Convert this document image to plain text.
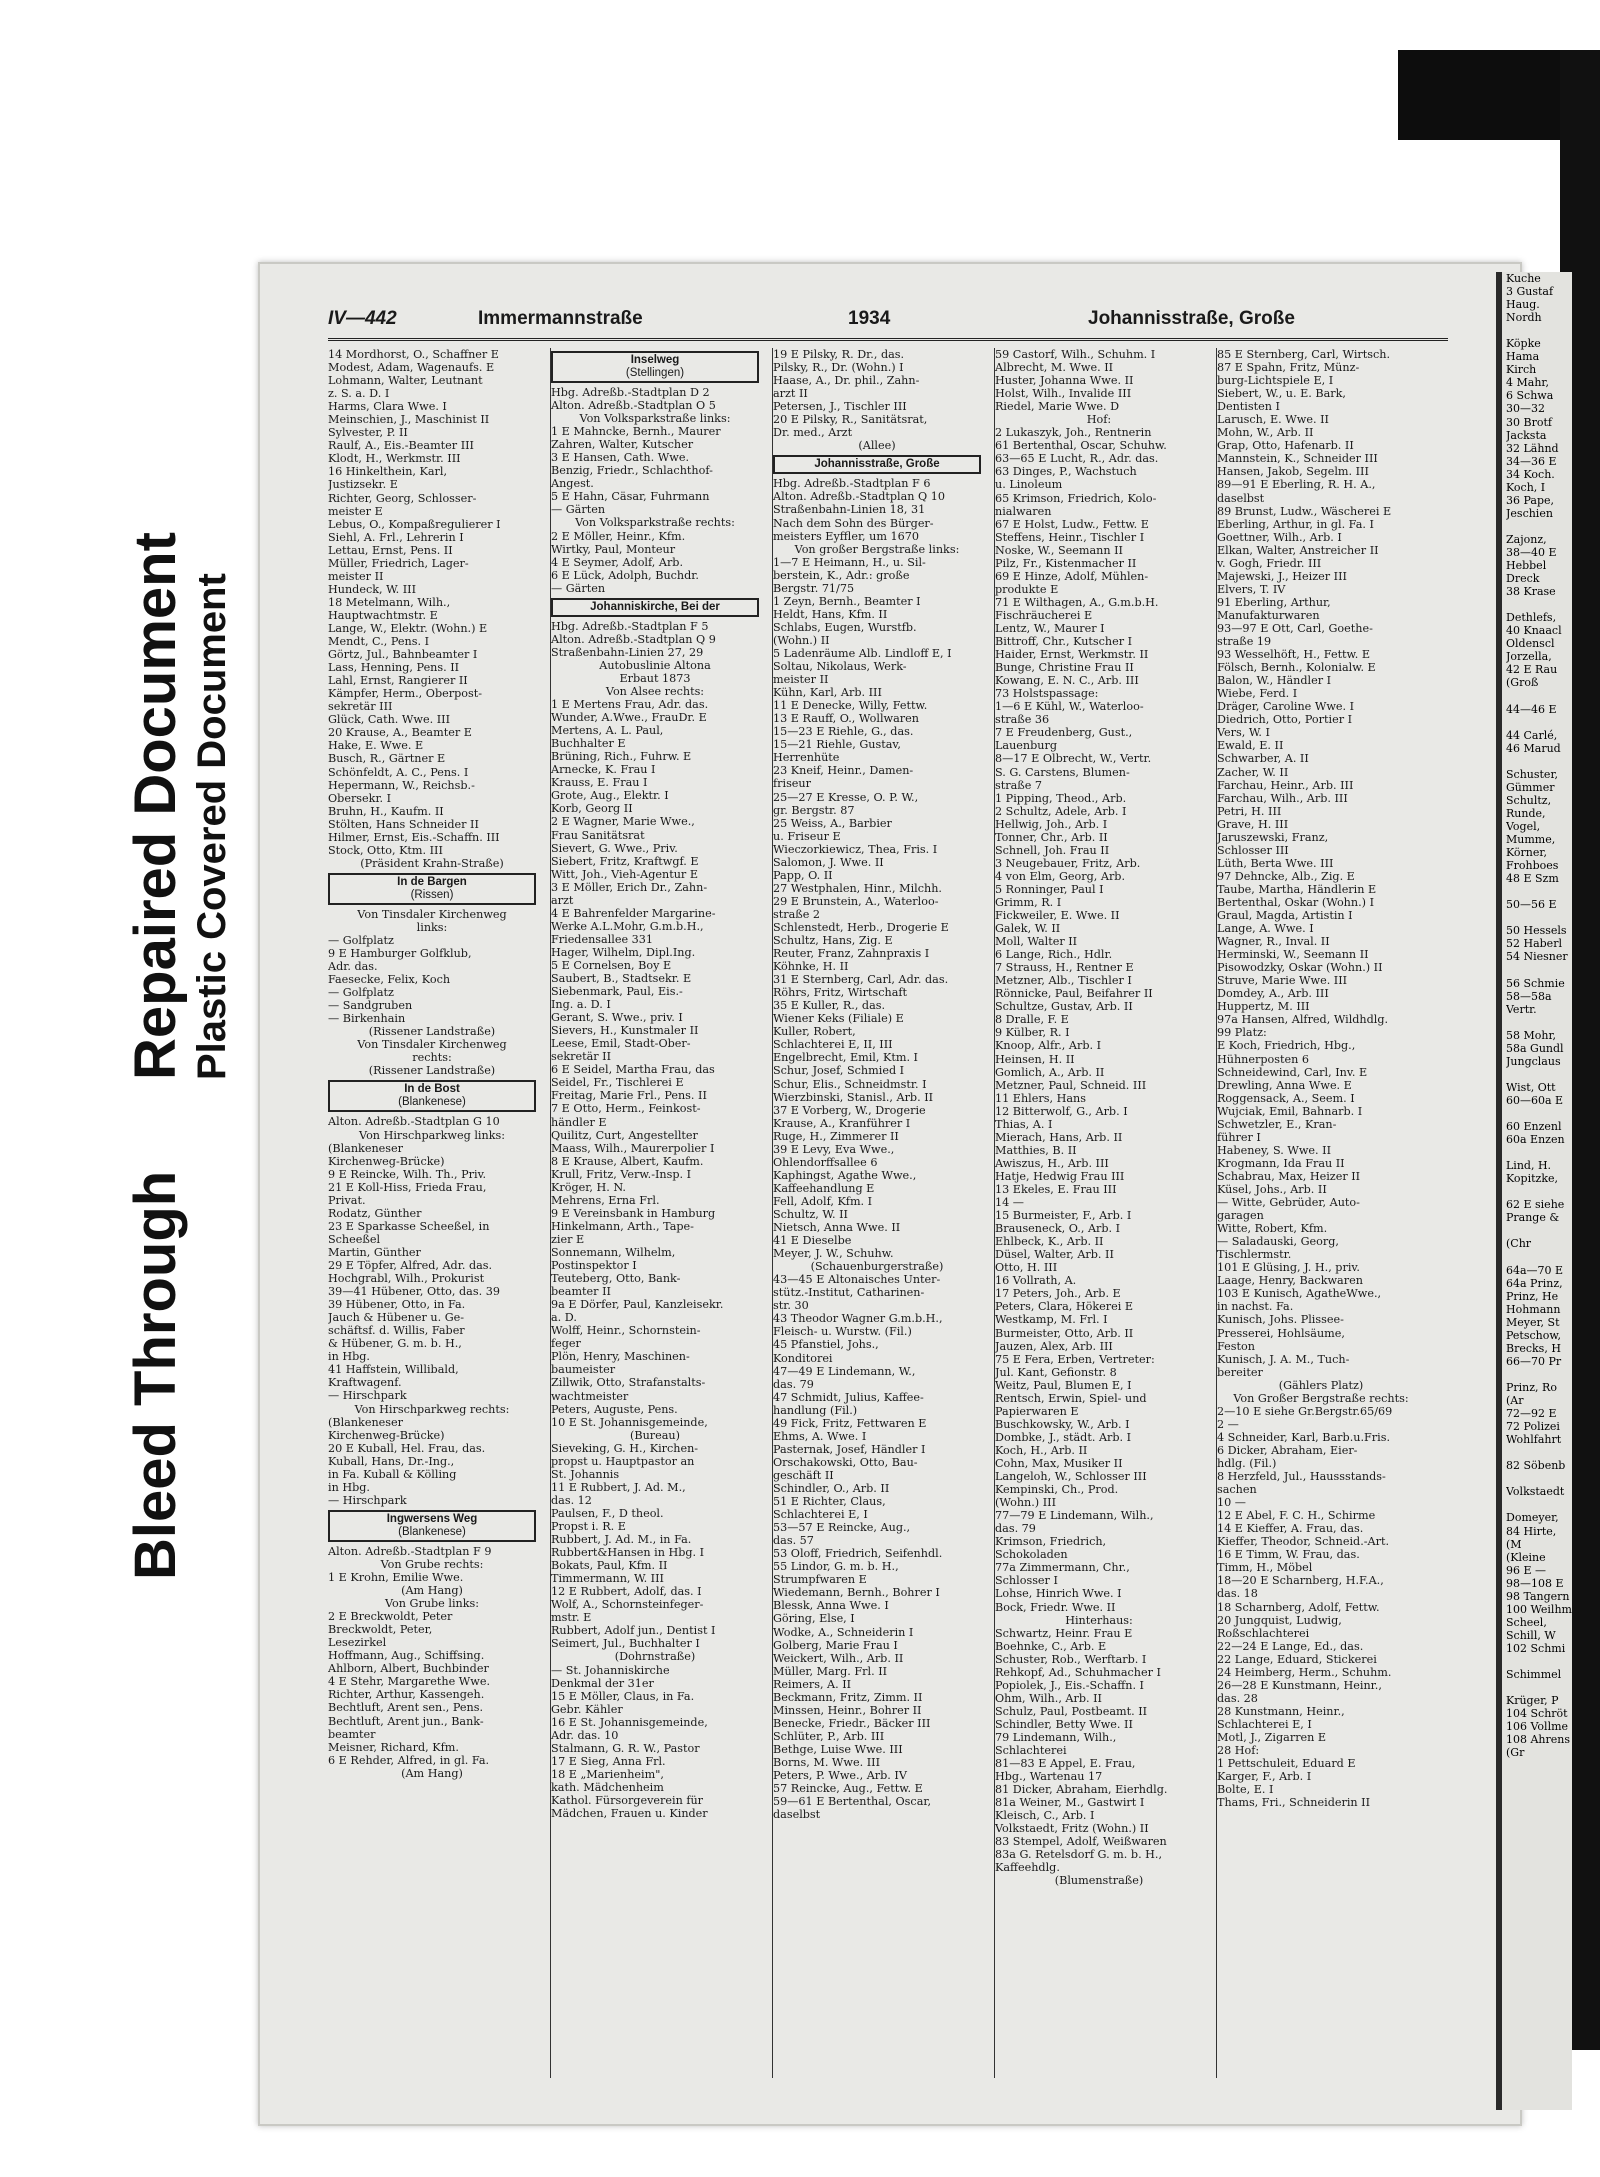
Bleed Through
Repaired Document Plastic Covered Document
IV—442	Immermannstraße	1934	Johannisstraße, Große
14 Mordhorst, O., Schaffner E
Modest, Adam, Wagenaufs. E
Lohmann, Walter, Leutnant
z. S. a. D. I
Harms, Clara Wwe. I
Meinschien, J., Maschinist II
Sylvester, P. II
Raulf, A., Eis.-Beamter III
Klodt, H., Werkmstr. III
16 Hinkelthein, Karl,
Justizsekr. E
Richter, Georg, Schlosser-
meister E
Lebus, O., Kompaßregulierer I
Siehl, A. Frl., Lehrerin I
Lettau, Ernst, Pens. II
Müller, Friedrich, Lager-
meister II
Hundeck, W. III
18 Metelmann, Wilh.,
Hauptwachtmstr. E
Lange, W., Elektr. (Wohn.) E
Mendt, C., Pens. I
Görtz, Jul., Bahnbeamter I
Lass, Henning, Pens. II
Lahl, Ernst, Rangierer II
Kämpfer, Herm., Oberpost-
sekretär III
Glück, Cath. Wwe. III
20 Krause, A., Beamter E
Hake, E. Wwe. E
Busch, R., Gärtner E
Schönfeldt, A. C., Pens. I
Hepermann, W., Reichsb.-
Obersekr. I
Bruhn, H., Kaufm. II
Stölten, Hans Schneider II
Hilmer, Ernst, Eis.-Schaffn. III
Stock, Otto, Ktm. III
(Präsident Krahn-Straße)
In de Bargen
(Rissen)
Von Tinsdaler Kirchenweg
links:
— Golfplatz
9 E Hamburger Golfklub,
Adr. das.
Faesecke, Felix, Koch
— Golfplatz
— Sandgruben
— Birkenhain
(Rissener Landstraße)
Von Tinsdaler Kirchenweg
rechts:
(Rissener Landstraße)
In de Bost
(Blankenese)
Alton. Adreßb.-Stadtplan G 10
Von Hirschparkweg links:
(Blankeneser
Kirchenweg-Brücke)
9 E Reincke, Wilh. Th., Priv.
21 E Koll-Hiss, Frieda Frau,
Privat.
Rodatz, Günther
23 E Sparkasse Scheeßel, in
Scheeßel
Martin, Günther
29 E Töpfer, Alfred, Adr. das.
Hochgrabl, Wilh., Prokurist
39—41 Hübener, Otto, das. 39
39 Hübener, Otto, in Fa.
Jauch & Hübener u. Ge-
schäftsf. d. Willis, Faber
& Hübener, G. m. b. H.,
in Hbg.
41 Haffstein, Willibald,
Kraftwagenf.
— Hirschpark
Von Hirschparkweg rechts:
(Blankeneser
Kirchenweg-Brücke)
20 E Kuball, Hel. Frau, das.
Kuball, Hans, Dr.-Ing.,
in Fa. Kuball & Kölling
in Hbg.
— Hirschpark
Ingwersens Weg
(Blankenese)
Alton. Adreßb.-Stadtplan F 9
Von Grube rechts:
1 E Krohn, Emilie Wwe.
(Am Hang)
Von Grube links:
2 E Breckwoldt, Peter
Breckwoldt, Peter,
Lesezirkel
Hoffmann, Aug., Schiffsing.
Ahlborn, Albert, Buchbinder
4 E Stehr, Margarethe Wwe.
Richter, Arthur, Kassengeh.
Bechtluft, Arent sen., Pens.
Bechtluft, Arent jun., Bank-
beamter
Meisner, Richard, Kfm.
6 E Rehder, Alfred, in gl. Fa.
(Am Hang)
Inselweg
(Stellingen)
Hbg. Adreßb.-Stadtplan D 2
Alton. Adreßb.-Stadtplan O 5
Von Volksparkstraße links:
1 E Mahncke, Bernh., Maurer
Zahren, Walter, Kutscher
3 E Hansen, Cath. Wwe.
Benzig, Friedr., Schlachthof-
Angest.
5 E Hahn, Cäsar, Fuhrmann
— Gärten
Von Volksparkstraße rechts:
2 E Möller, Heinr., Kfm.
Wirtky, Paul, Monteur
4 E Seymer, Adolf, Arb.
6 E Lück, Adolph, Buchdr.
— Gärten
Johanniskirche, Bei der
Hbg. Adreßb.-Stadtplan F 5
Alton. Adreßb.-Stadtplan Q 9
Straßenbahn-Linien 27, 29
Autobuslinie Altona
Erbaut 1873
Von Alsee rechts:
1 E Mertens Frau, Adr. das.
Wunder, A.Wwe., FrauDr. E
Mertens, A. L. Paul,
Buchhalter E
Brüning, Rich., Fuhrw. E
Arnecke, K. Frau I
Krauss, E. Frau I
Grote, Aug., Elektr. I
Korb, Georg II
2 E Wagner, Marie Wwe.,
Frau Sanitätsrat
Sievert, G. Wwe., Priv.
Siebert, Fritz, Kraftwgf. E
Witt, Joh., Vieh-Agentur E
3 E Möller, Erich Dr., Zahn-
arzt
4 E Bahrenfelder Margarine-
Werke A.L.Mohr, G.m.b.H.,
Friedensallee 331
Hager, Wilhelm, Dipl.Ing.
5 E Cornelsen, Boy E
Saubert, B., Stadtsekr. E
Siebenmark, Paul, Eis.-
Ing. a. D. I
Gerant, S. Wwe., priv. I
Sievers, H., Kunstmaler II
Leese, Emil, Stadt-Ober-
sekretär II
6 E Seidel, Martha Frau, das
Seidel, Fr., Tischlerei E
Freitag, Marie Frl., Pens. II
7 E Otto, Herm., Feinkost-
händler E
Quilitz, Curt, Angestellter
Maass, Wilh., Maurerpolier I
8 E Krause, Albert, Kaufm.
Krull, Fritz, Verw.-Insp. I
Kröger, H. N.
Mehrens, Erna Frl.
9 E Vereinsbank in Hamburg
Hinkelmann, Arth., Tape-
zier E
Sonnemann, Wilhelm,
Postinspektor I
Teuteberg, Otto, Bank-
beamter II
9a E Dörfer, Paul, Kanzleisekr.
a. D.
Wolff, Heinr., Schornstein-
feger
Plön, Henry, Maschinen-
baumeister
Zillwik, Otto, Strafanstalts-
wachtmeister
Peters, Auguste, Pens.
10 E St. Johannisgemeinde,
(Bureau)
Sieveking, G. H., Kirchen-
propst u. Hauptpastor an
St. Johannis
11 E Rubbert, J. Ad. M.,
das. 12
Paulsen, F., D theol.
Propst i. R. E
Rubbert, J. Ad. M., in Fa.
Rubbert&Hansen in Hbg. I
Bokats, Paul, Kfm. II
Timmermann, W. III
12 E Rubbert, Adolf, das. I
Wolf, A., Schornsteinfeger-
mstr. E
Rubbert, Adolf jun., Dentist I
Seimert, Jul., Buchhalter I
(Dohrnstraße)
— St. Johanniskirche
Denkmal der 31er
15 E Möller, Claus, in Fa.
Gebr. Kähler
16 E St. Johannisgemeinde,
Adr. das. 10
Stalmann, G. R. W., Pastor
17 E Sieg, Anna Frl.
18 E „Marienheim",
kath. Mädchenheim
Kathol. Fürsorgeverein für
Mädchen, Frauen u. Kinder
19 E Pilsky, R. Dr., das.
Pilsky, R., Dr. (Wohn.) I
Haase, A., Dr. phil., Zahn-
arzt II
Petersen, J., Tischler III
20 E Pilsky, R., Sanitätsrat,
Dr. med., Arzt
(Allee)
Johannisstraße, Große
Hbg. Adreßb.-Stadtplan F 6
Alton. Adreßb.-Stadtplan Q 10
Straßenbahn-Linien 18, 31
Nach dem Sohn des Bürger-
meisters Eyffler, um 1670
Von großer Bergstraße links:
1—7 E Heimann, H., u. Sil-
berstein, K., Adr.: große
Bergstr. 71/75
1 Zeyn, Bernh., Beamter I
Heldt, Hans, Kfm. II
Schlabs, Eugen, Wurstfb.
(Wohn.) II
5 Ladenräume Alb. Lindloff E, I
Soltau, Nikolaus, Werk-
meister II
Kühn, Karl, Arb. III
11 E Denecke, Willy, Fettw.
13 E Rauff, O., Wollwaren
15—23 E Riehle, G., das.
15—21 Riehle, Gustav,
Herrenhüte
23 Kneif, Heinr., Damen-
friseur
25—27 E Kresse, O. P. W.,
gr. Bergstr. 87
25 Weiss, A., Barbier
u. Friseur E
Wieczorkiewicz, Thea, Fris. I
Salomon, J. Wwe. II
Papp, O. II
27 Westphalen, Hinr., Milchh.
29 E Brunstein, A., Waterloo-
straße 2
Schlenstedt, Herb., Drogerie E
Schultz, Hans, Zig. E
Reuter, Franz, Zahnpraxis I
Köhnke, H. II
31 E Sternberg, Carl, Adr. das.
Röhrs, Fritz, Wirtschaft
35 E Kuller, R., das.
Wiener Keks (Filiale) E
Kuller, Robert,
Schlachterei E, II, III
Engelbrecht, Emil, Ktm. I
Schur, Josef, Schmied I
Schur, Elis., Schneidmstr. I
Wierzbinski, Stanisl., Arb. II
37 E Vorberg, W., Drogerie
Krause, A., Kranführer I
Ruge, H., Zimmerer II
39 E Levy, Eva Wwe.,
Ohlendorffsallee 6
Kaphingst, Agathe Wwe.,
Kaffeehandlung E
Fell, Adolf, Kfm. I
Schultz, W. II
Nietsch, Anna Wwe. II
41 E Dieselbe
Meyer, J. W., Schuhw.
(Schauenburgerstraße)
43—45 E Altonaisches Unter-
stütz.-Institut, Catharinen-
str. 30
43 Theodor Wagner G.m.b.H.,
Fleisch- u. Wurstw. (Fil.)
45 Pfanstiel, Johs.,
Konditorei
47—49 E Lindemann, W.,
das. 79
47 Schmidt, Julius, Kaffee-
handlung (Fil.)
49 Fick, Fritz, Fettwaren E
Ehms, A. Wwe. I
Pasternak, Josef, Händler I
Orschakowski, Otto, Bau-
geschäft II
Schindler, O., Arb. II
51 E Richter, Claus,
Schlachterei E, I
53—57 E Reincke, Aug.,
das. 57
53 Oloff, Friedrich, Seifenhdl.
55 Lindor, G. m. b. H.,
Strumpfwaren E
Wiedemann, Bernh., Bohrer I
Blessk, Anna Wwe. I
Göring, Else, I
Wodke, A., Schneiderin I
Golberg, Marie Frau I
Weickert, Wilh., Arb. II
Müller, Marg. Frl. II
Reimers, A. II
Beckmann, Fritz, Zimm. II
Minssen, Heinr., Bohrer II
Benecke, Friedr., Bäcker III
Schlüter, P., Arb. III
Bethge, Luise Wwe. III
Borns, M. Wwe. III
Peters, P. Wwe., Arb. IV
57 Reincke, Aug., Fettw. E
59—61 E Bertenthal, Oscar,
daselbst
59 Castorf, Wilh., Schuhm. I
Albrecht, M. Wwe. II
Huster, Johanna Wwe. II
Holst, Wilh., Invalide III
Riedel, Marie Wwe. D
Hof:
2 Lukaszyk, Joh., Rentnerin
61 Bertenthal, Oscar, Schuhw.
63—65 E Lucht, R., Adr. das.
63 Dinges, P., Wachstuch
u. Linoleum
65 Krimson, Friedrich, Kolo-
nialwaren
67 E Holst, Ludw., Fettw. E
Steffens, Heinr., Tischler I
Noske, W., Seemann II
Pilz, Fr., Kistenmacher II
69 E Hinze, Adolf, Mühlen-
produkte E
71 E Wilthagen, A., G.m.b.H.
Fischräucherei E
Lentz, W., Maurer I
Bittroff, Chr., Kutscher I
Haider, Ernst, Werkmstr. II
Bunge, Christine Frau II
Kowang, E. N. C., Arb. III
73 Holstspassage:
1—6 E Kühl, W., Waterloo-
straße 36
7 E Freudenberg, Gust.,
Lauenburg
8—17 E Olbrecht, W., Vertr.
S. G. Carstens, Blumen-
straße 7
1 Pipping, Theod., Arb.
2 Schultz, Adele, Arb. I
Hellwig, Joh., Arb. I
Tonner, Chr., Arb. II
Schnell, Joh. Frau II
3 Neugebauer, Fritz, Arb.
4 von Elm, Georg, Arb.
5 Ronninger, Paul I
Grimm, R. I
Fickweiler, E. Wwe. II
Galek, W. II
Moll, Walter II
6 Lange, Rich., Hdlr.
7 Strauss, H., Rentner E
Metzner, Alb., Tischler I
Rönnicke, Paul, Beifahrer II
Schultze, Gustav, Arb. II
8 Dralle, F. E
9 Külber, R. I
Knoop, Alfr., Arb. I
Heinsen, H. II
Gomlich, A., Arb. II
Metzner, Paul, Schneid. III
11 Ehlers, Hans
12 Bitterwolf, G., Arb. I
Thias, A. I
Mierach, Hans, Arb. II
Matthies, B. II
Awiszus, H., Arb. III
Hatje, Hedwig Frau III
13 Ekeles, E. Frau III
14 —
15 Burmeister, F., Arb. I
Brauseneck, O., Arb. I
Ehlbeck, K., Arb. II
Düsel, Walter, Arb. II
Otto, H. III
16 Vollrath, A.
17 Peters, Joh., Arb. E
Peters, Clara, Hökerei E
Westkamp, M. Frl. I
Burmeister, Otto, Arb. II
Jauzen, Alex, Arb. III
75 E Fera, Erben, Vertreter:
Jul. Kant, Gefionstr. 8
Weitz, Paul, Blumen E, I
Rentsch, Erwin, Spiel- und
Papierwaren E
Buschkowsky, W., Arb. I
Dombke, J., städt. Arb. I
Koch, H., Arb. II
Cohn, Max, Musiker II
Langeloh, W., Schlosser III
Kempinski, Ch., Prod.
(Wohn.) III
77—79 E Lindemann, Wilh.,
das. 79
Krimson, Friedrich,
Schokoladen
77a Zimmermann, Chr.,
Schlosser I
Lohse, Hinrich Wwe. I
Bock, Friedr. Wwe. II
Hinterhaus:
Schwartz, Heinr. Frau E
Boehnke, C., Arb. E
Schuster, Rob., Werftarb. I
Rehkopf, Ad., Schuhmacher I
Popiolek, J., Eis.-Schaffn. I
Ohm, Wilh., Arb. II
Schulz, Paul, Postbeamt. II
Schindler, Betty Wwe. II
79 Lindemann, Wilh.,
Schlachterei
81—83 E Appel, E. Frau,
Hbg., Wartenau 17
81 Dicker, Abraham, Eierhdlg.
81a Weiner, M., Gastwirt I
Kleisch, C., Arb. I
Volkstaedt, Fritz (Wohn.) II
83 Stempel, Adolf, Weißwaren
83a G. Retelsdorf G. m. b. H.,
Kaffeehdlg.
(Blumenstraße)
85 E Sternberg, Carl, Wirtsch.
87 E Spahn, Fritz, Münz-
burg-Lichtspiele E, I
Siebert, W., u. E. Bark,
Dentisten I
Larusch, E. Wwe. II
Mohn, W., Arb. II
Grap, Otto, Hafenarb. II
Mannstein, K., Schneider III
Hansen, Jakob, Segelm. III
89—91 E Eberling, R. H. A.,
daselbst
89 Brunst, Ludw., Wäscherei E
Eberling, Arthur, in gl. Fa. I
Goettner, Wilh., Arb. I
Elkan, Walter, Anstreicher II
v. Gogh, Friedr. III
Majewski, J., Heizer III
Elvers, T. IV
91 Eberling, Arthur,
Manufakturwaren
93—97 E Ott, Carl, Goethe-
straße 19
93 Wesselhöft, H., Fettw. E
Fölsch, Bernh., Kolonialw. E
Balon, W., Händler I
Wiebe, Ferd. I
Dräger, Caroline Wwe. I
Diedrich, Otto, Portier I
Vers, W. I
Ewald, E. II
Schwarber, A. II
Zacher, W. II
Farchau, Heinr., Arb. III
Farchau, Wilh., Arb. III
Petri, H. III
Grave, H. III
Jaruszewski, Franz,
Schlosser III
Lüth, Berta Wwe. III
97 Dehncke, Alb., Zig. E
Taube, Martha, Händlerin E
Bertenthal, Oskar (Wohn.) I
Graul, Magda, Artistin I
Lange, A. Wwe. I
Wagner, R., Inval. II
Herminski, W., Seemann II
Pisowodzky, Oskar (Wohn.) II
Struve, Marie Wwe. III
Domdey, A., Arb. III
Huppertz, M. III
97a Hansen, Alfred, Wildhdlg.
99 Platz:
E Koch, Friedrich, Hbg.,
Hühnerposten 6
Schneidewind, Carl, Inv. E
Drewling, Anna Wwe. E
Roggensack, A., Seem. I
Wujciak, Emil, Bahnarb. I
Schwetzler, E., Kran-
führer I
Habeney, S. Wwe. II
Krogmann, Ida Frau II
Schabrau, Max, Heizer II
Küsel, Johs., Arb. II
— Witte, Gebrüder, Auto-
garagen
Witte, Robert, Kfm.
— Saladauski, Georg,
Tischlermstr.
101 E Glüsing, J. H., priv.
Laage, Henry, Backwaren
103 E Kunisch, AgatheWwe.,
in nachst. Fa.
Kunisch, Johs. Plissee-
Presserei, Hohlsäume,
Feston
Kunisch, J. A. M., Tuch-
bereiter
(Gählers Platz)
Von Großer Bergstraße rechts:
2—10 E siehe Gr.Bergstr.65/69
2 —
4 Schneider, Karl, Barb.u.Fris.
6 Dicker, Abraham, Eier-
hdlg. (Fil.)
8 Herzfeld, Jul., Haussstands-
sachen
10 —
12 E Abel, F. C. H., Schirme
14 E Kieffer, A. Frau, das.
Kieffer, Theodor, Schneid.-Art.
16 E Timm, W. Frau, das.
Timm, H., Möbel
18—20 E Scharnberg, H.F.A.,
das. 18
18 Scharnberg, Adolf, Fettw.
20 Jungquist, Ludwig,
Roßschlachterei
22—24 E Lange, Ed., das.
22 Lange, Eduard, Stickerei
24 Heimberg, Herm., Schuhm.
26—28 E Kunstmann, Heinr.,
das. 28
28 Kunstmann, Heinr.,
Schlachterei E, I
Motl, J., Zigarren E
28 Hof:
1 Pettschuleit, Eduard E
Karger, F., Arb. I
Bolte, E. I
Thams, Fri., Schneiderin II
Kuche
3 Gustaf
Haug.
Nordh

Köpke
Hama
Kirch
4 Mahr,
6 Schwa
30—32
30 Brotf
Jacksta
32 Lähnd
34—36 E
34 Koch.
Koch, I
36 Pape,
Jeschien

Zajonz,
38—40 E
Hebbel
Dreck
38 Krase

Dethlefs,
40 Knaacl
Oldenscl
Jorzella,
42 E Rau
(Groß

44—46 E

44 Carlé,
46 Marud

Schuster,
Gümmer
Schultz,
Runde,
Vogel,
Mumme,
Körner,
Frohboes
48 E Szm

50—56 E

50 Hessels
52 Haberl
54 Niesner

56 Schmie
58—58a
Vertr.

58 Mohr,
58a Gundl
Jungclaus

Wist, Ott
60—60a E

60 Enzenl
60a Enzen

Lind, H.
Kopitzke,

62 E siehe
Prange &

(Chr

64a—70 E
64a Prinz,
Prinz, He
Hohmann
Meyer, St
Petschow,
Brecks, H
66—70 Pr

Prinz, Ro
(Ar
72—92 E
72 Polizei
Wohlfahrt

82 Söbenb

Volkstaedt

Domeyer,
84 Hirte,
(M
(Kleine
96 E —
98—108 E
98 Tangern
100 Weilhm
Scheel,
Schill, W
102 Schmi

Schimmel

Krüger, P
104 Schröt
106 Vollme
108 Ahrens
(Gr
